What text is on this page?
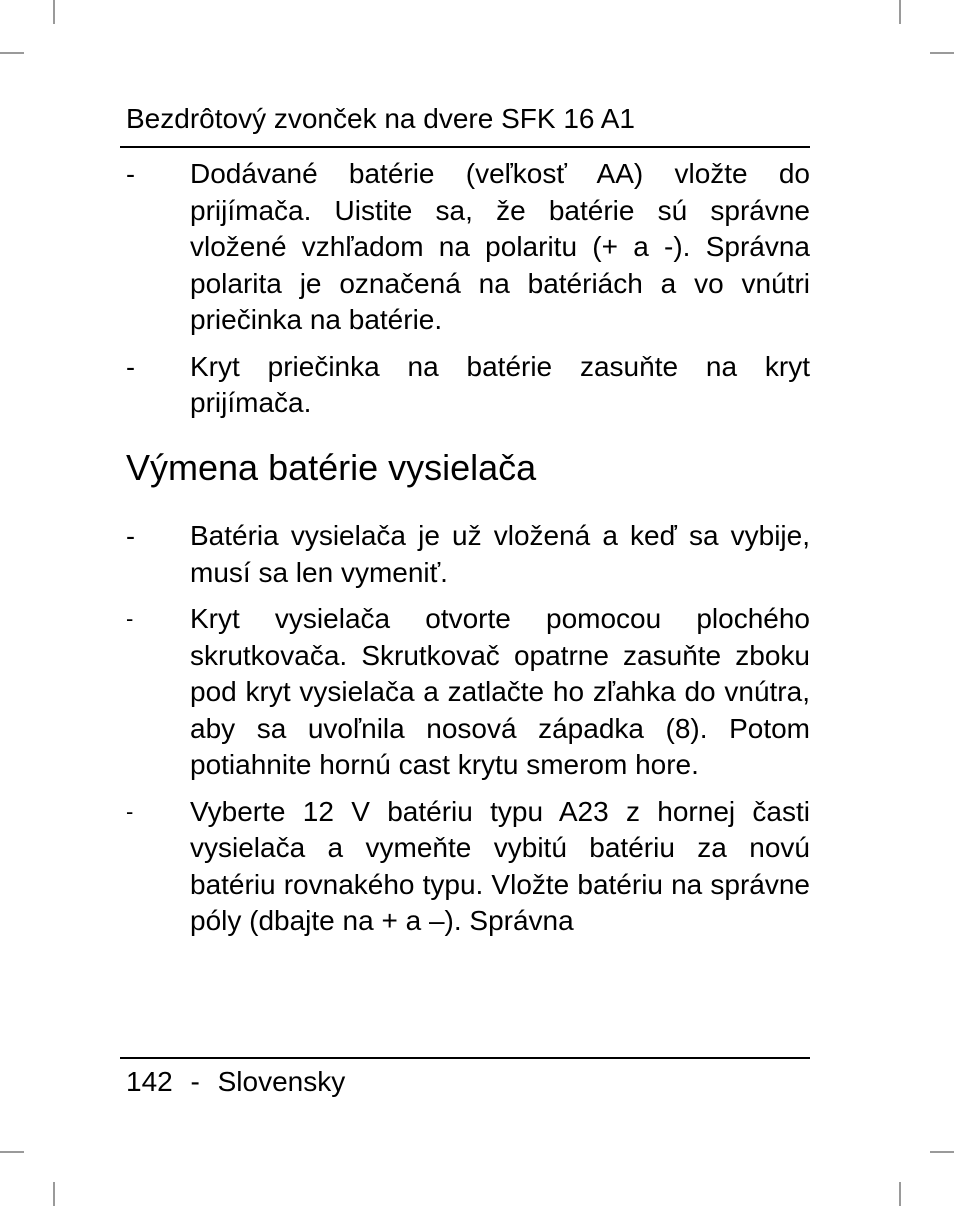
Bezdrôtový zvonček na dvere SFK 16 A1
- Dodávané batérie (veľkosť AA) vložte do prijímača. Uistite sa, že batérie sú správne vložené vzhľadom na polaritu (+ a -). Správna polarita je označená na batériách a vo vnútri priečinka na batérie.
- Kryt priečinka na batérie zasuňte na kryt prijímača.
Výmena batérie vysielača
- Batéria vysielača je už vložená a keď sa vybije, musí sa len vymeniť.
- Kryt vysielača otvorte pomocou plochého skrutkovača. Skrutkovač opatrne zasuňte zboku pod kryt vysielača a zatlačte ho zľahka do vnútra, aby sa uvoľnila nosová západka (8). Potom potiahnite hornú cast krytu smerom hore.
- Vyberte 12 V batériu typu A23 z hornej časti vysielača a vymeňte vybitú batériu za novú batériu rovnakého typu. Vložte batériu na správne póly (dbajte na + a –). Správna
142 - Slovensky
